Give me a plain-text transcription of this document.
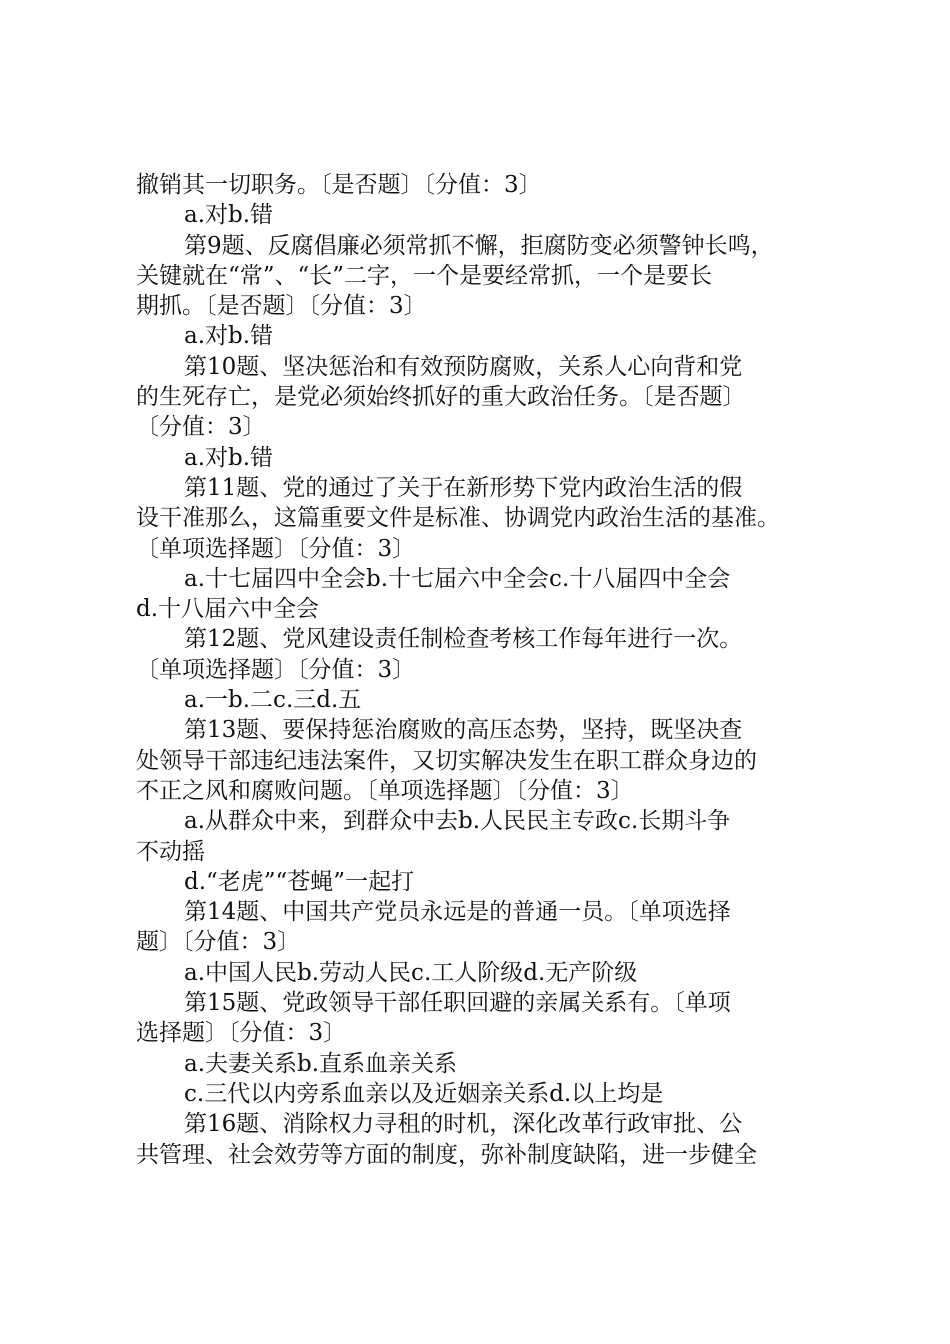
撤销其一切职务。〔是否题〕〔分值：3〕

a.对b.错

第9题、反腐倡廉必须常抓不懈，拒腐防变必须警钟长鸣，

关键就在“常”、“长”二字，一个是要经常抓，一个是要长

期抓。〔是否题〕〔分值：3〕

a.对b.错

第10题、坚决惩治和有效预防腐败，关系人心向背和党

的生死存亡，是党必须始终抓好的重大政治任务。〔是否题〕

〔分值：3〕

a.对b.错

第11题、党的通过了关于在新形势下党内政治生活的假

设干准那么，这篇重要文件是标准、协调党内政治生活的基准。

〔单项选择题〕〔分值：3〕

a.十七届四中全会b.十七届六中全会c.十八届四中全会

d.十八届六中全会

第12题、党风建设责任制检查考核工作每年进行一次。

〔单项选择题〕〔分值：3〕

a.一b.二c.三d.五

第13题、要保持惩治腐败的高压态势，坚持，既坚决查

处领导干部违纪违法案件，又切实解决发生在职工群众身边的

不正之风和腐败问题。〔单项选择题〕〔分值：3〕

a.从群众中来，到群众中去b.人民民主专政c.长期斗争

不动摇

d.“老虎”“苍蝇”一起打

第14题、中国共产党员永远是的普通一员。〔单项选择

题〕〔分值：3〕

a.中国人民b.劳动人民c.工人阶级d.无产阶级

第15题、党政领导干部任职回避的亲属关系有。〔单项

选择题〕〔分值：3〕

a.夫妻关系b.直系血亲关系

c.三代以内旁系血亲以及近姻亲关系d.以上均是

第16题、消除权力寻租的时机，深化改革行政审批、公

共管理、社会效劳等方面的制度，弥补制度缺陷，进一步健全
